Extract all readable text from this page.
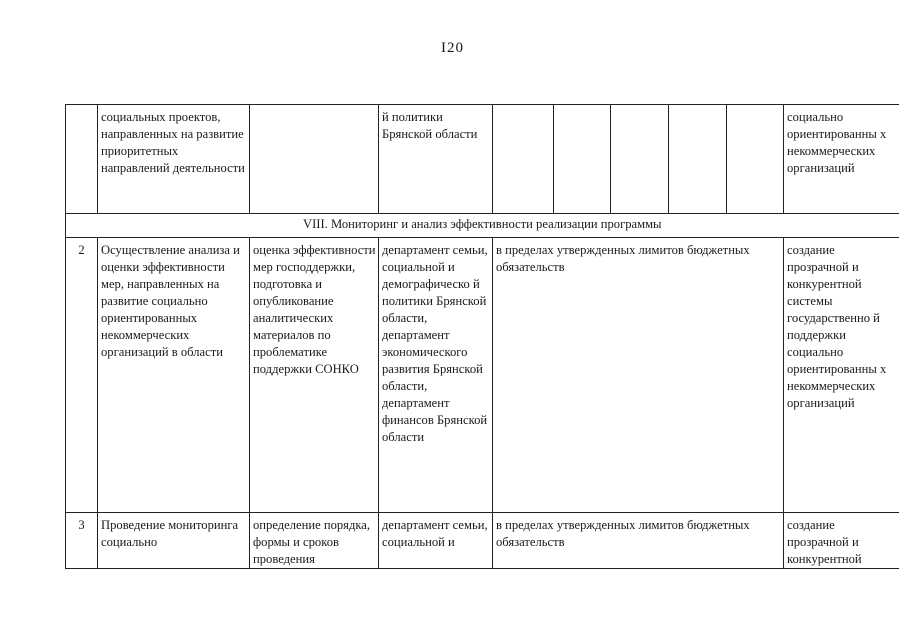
I20
	социальных проектов, направленных на развитие приоритетных направлений деятельности		й политики Брянской области						социально ориентированны х некоммерческих организаций
VIII. Мониторинг и анализ эффективности реализации программы									
2	Осуществление анализа и оценки эффективности мер, направленных на развитие социально ориентированных некоммерческих организаций в области	оценка эффективности мер господдержки, подготовка и опубликование аналитических материалов по проблематике поддержки СОНКО	департамент семьи, социальной и демографическо й политики Брянской области, департамент экономического развития Брянской области, департамент финансов Брянской области	в пределах утвержденных лимитов бюджетных обязательств					создание прозрачной и конкурентной системы государственно й поддержки социально ориентированны х некоммерческих организаций
3	Проведение мониторинга социально	определение порядка, формы и сроков проведения	департамент семьи, социальной и	в пределах утвержденных лимитов бюджетных обязательств					создание прозрачной и конкурентной
